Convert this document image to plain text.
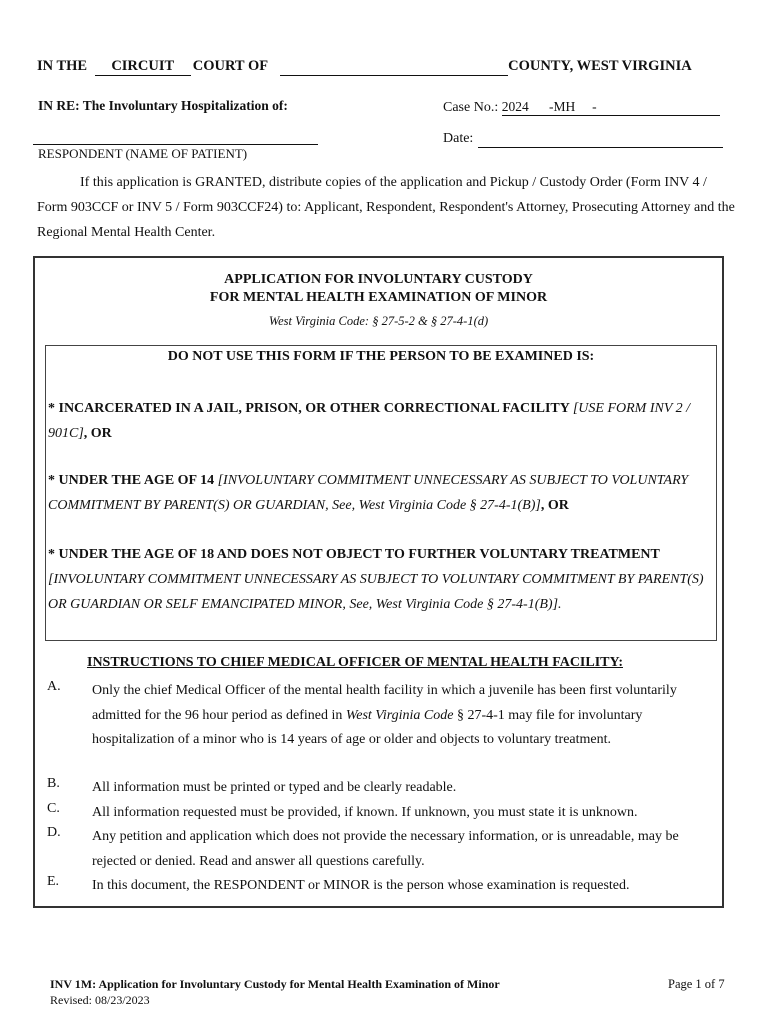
IN THE CIRCUIT COURT OF	COUNTY, WEST VIRGINIA
IN RE: The Involuntary Hospitalization of:	Case No.: 2024      -MH     -
Date:
RESPONDENT (NAME OF PATIENT)
If this application is GRANTED, distribute copies of the application and Pickup / Custody Order (Form INV 4 / Form 903CCF or INV 5 / Form 903CCF24) to: Applicant, Respondent, Respondent's Attorney, Prosecuting Attorney and the Regional Mental Health Center.
APPLICATION FOR INVOLUNTARY CUSTODY
FOR MENTAL HEALTH EXAMINATION OF MINOR
West Virginia Code: § 27-5-2 & § 27-4-1(d)
DO NOT USE THIS FORM IF THE PERSON TO BE EXAMINED IS:
* INCARCERATED IN A JAIL, PRISON, OR OTHER CORRECTIONAL FACILITY [USE FORM INV 2 / 901C], OR
* UNDER THE AGE OF 14 [INVOLUNTARY COMMITMENT UNNECESSARY AS SUBJECT TO VOLUNTARY COMMITMENT BY PARENT(S) OR GUARDIAN, See, West Virginia Code § 27-4-1(B)], OR
* UNDER THE AGE OF 18 AND DOES NOT OBJECT TO FURTHER VOLUNTARY TREATMENT [INVOLUNTARY COMMITMENT UNNECESSARY AS SUBJECT TO VOLUNTARY COMMITMENT BY PARENT(S) OR GUARDIAN OR SELF EMANCIPATED MINOR, See, West Virginia Code § 27-4-1(B)].
INSTRUCTIONS TO CHIEF MEDICAL OFFICER OF MENTAL HEALTH FACILITY:
A. Only the chief Medical Officer of the mental health facility in which a juvenile has been first voluntarily admitted for the 96 hour period as defined in West Virginia Code § 27-4-1 may file for involuntary hospitalization of a minor who is 14 years of age or older and objects to voluntary treatment.
B. All information must be printed or typed and be clearly readable.
C. All information requested must be provided, if known. If unknown, you must state it is unknown.
D. Any petition and application which does not provide the necessary information, or is unreadable, may be rejected or denied. Read and answer all questions carefully.
E. In this document, the RESPONDENT or MINOR is the person whose examination is requested.
INV 1M: Application for Involuntary Custody for Mental Health Examination of Minor
Revised: 08/23/2023
Page 1 of 7
